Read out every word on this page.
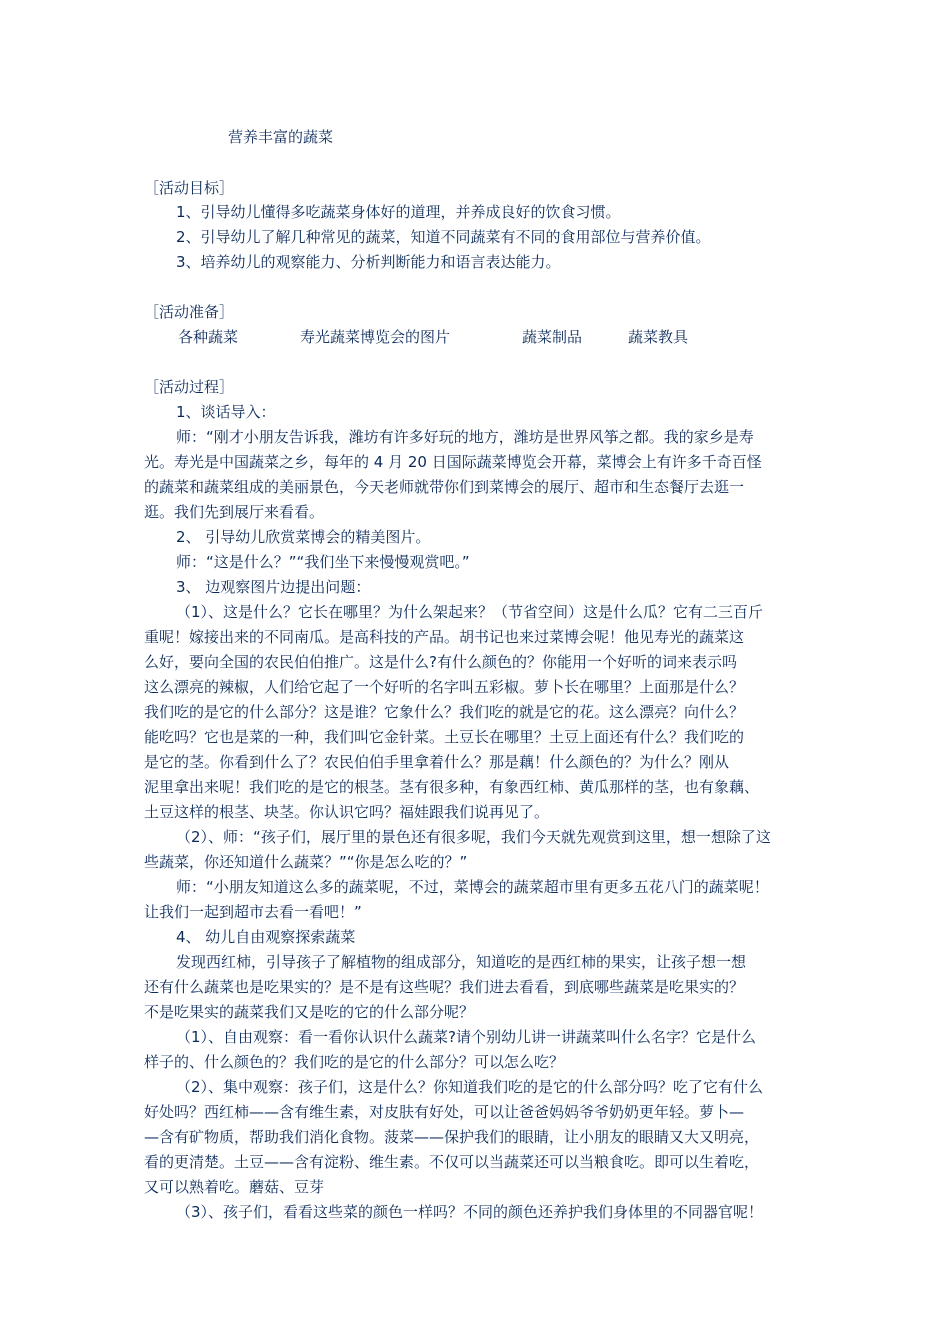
营养丰富的蔬菜
［活动目标］
1、引导幼儿懂得多吃蔬菜身体好的道理，并养成良好的饮食习惯。
2、引导幼儿了解几种常见的蔬菜，知道不同蔬菜有不同的食用部位与营养价值。
3、培养幼儿的观察能力、分析判断能力和语言表达能力。
［活动准备］
各种蔬菜	寿光蔬菜博览会的图片	蔬菜制品	蔬菜教具
［活动过程］
1、谈话导入：
师：“刚才小朋友告诉我，潍坊有许多好玩的地方，潍坊是世界风筝之都。我的家乡是寿
光。寿光是中国蔬菜之乡，每年的 4 月 20 日国际蔬菜博览会开幕，菜博会上有许多千奇百怪
的蔬菜和蔬菜组成的美丽景色，今天老师就带你们到菜博会的展厅、超市和生态餐厅去逛一
逛。我们先到展厅来看看。
2、 引导幼儿欣赏菜博会的精美图片。
师：“这是什么？”“我们坐下来慢慢观赏吧。”
3、 边观察图片边提出问题：
（1）、这是什么？它长在哪里？为什么架起来？（节省空间）这是什么瓜？它有二三百斤
重呢！嫁接出来的不同南瓜。是高科技的产品。胡书记也来过菜博会呢！他见寿光的蔬菜这
么好，要向全国的农民伯伯推广。这是什么?有什么颜色的？你能用一个好听的词来表示吗
这么漂亮的辣椒，人们给它起了一个好听的名字叫五彩椒。萝卜长在哪里？上面那是什么？
我们吃的是它的什么部分？这是谁？它象什么？我们吃的就是它的花。这么漂亮？向什么？
能吃吗？它也是菜的一种，我们叫它金针菜。土豆长在哪里？土豆上面还有什么？我们吃的
是它的茎。你看到什么了？农民伯伯手里拿着什么？那是藕！什么颜色的？为什么？刚从
泥里拿出来呢！我们吃的是它的根茎。茎有很多种，有象西红柿、黄瓜那样的茎，也有象藕、
土豆这样的根茎、块茎。你认识它吗？福娃跟我们说再见了。
（2）、师：“孩子们，展厅里的景色还有很多呢，我们今天就先观赏到这里，想一想除了这
些蔬菜，你还知道什么蔬菜？”“你是怎么吃的？”
师：“小朋友知道这么多的蔬菜呢，不过，菜博会的蔬菜超市里有更多五花八门的蔬菜呢！
让我们一起到超市去看一看吧！”
4、 幼儿自由观察探索蔬菜
发现西红柿，引导孩子了解植物的组成部分，知道吃的是西红柿的果实，让孩子想一想
还有什么蔬菜也是吃果实的？是不是有这些呢？我们进去看看，到底哪些蔬菜是吃果实的？
不是吃果实的蔬菜我们又是吃的它的什么部分呢？
（1）、自由观察：看一看你认识什么蔬菜?请个别幼儿讲一讲蔬菜叫什么名字？它是什么
样子的、什么颜色的？我们吃的是它的什么部分？可以怎么吃？
（2）、集中观察：孩子们，这是什么？你知道我们吃的是它的什么部分吗？吃了它有什么
好处吗？西红柿——含有维生素，对皮肤有好处，可以让爸爸妈妈爷爷奶奶更年轻。萝卜—
—含有矿物质，帮助我们消化食物。菠菜——保护我们的眼睛，让小朋友的眼睛又大又明亮，
看的更清楚。土豆——含有淀粉、维生素。不仅可以当蔬菜还可以当粮食吃。即可以生着吃，
又可以熟着吃。蘑菇、豆芽
（3）、孩子们，看看这些菜的颜色一样吗？不同的颜色还养护我们身体里的不同器官呢！
